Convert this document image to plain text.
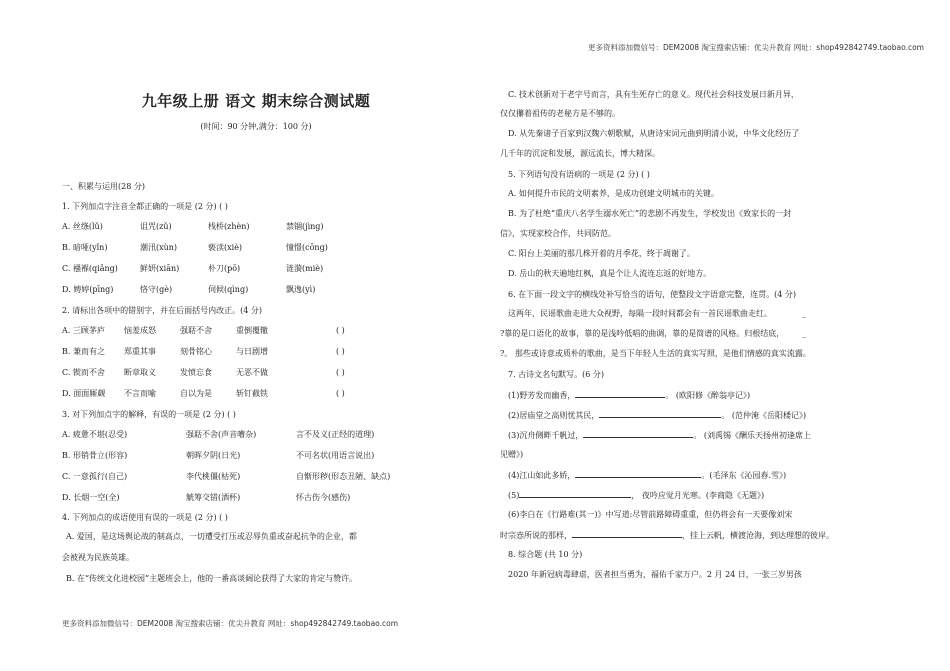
更多资料添加微信号：DEM2008 淘宝搜索店铺：优尖升教育 网址：shop492842749.taobao.com
九年级上册 语文 期末综合测试题
(时间：90 分钟,满分：100 分)
一、积累与运用(28 分)
1. 下列加点字注音全都正确的一项是 (2 分) ( )
A. 丝绦(lǔ)	诅咒(zǔ)	栈桥(zhèn)	禁锢(jìng)
B. 暗哑(yǐn)	潮汛(xùn)	亵渎(xiè)	憧憬(cōng)
C. 襁褓(qiǎng)	鲜妍(xiān)	朴刀(pō)	涟漪(miè)
D. 娉婷(pīng)	恪守(gè)	伺候(qìng)	飘逸(yì)
2. 请标出各项中的错别字，并在后面括号内改正。(4 分)
A. 三顾茅庐 恼羞成怒	强聒不舍	重倒覆辙	( )
B. 兼而有之 郑重其事	刻骨铭心	与日剧增	( )
C. 锲而不舍 断章取义	发愤忘食	无恶不做	( )
D. 面面厮觑 不言而喻	自以为是	斩钉截铁	( )
3. 对下列加点字的解释，有误的一项是 (2 分) ( )
A. 疲惫不堪(忍受)	强聒不舍(声音嘈杂)	言不及义(正经的道理)
B. 形销骨立(形容)	朝晖夕阴(日光)	不可名状(用语言说出)
C. 一意孤行(自己)	李代桃僵(枯死)	自惭形秽(形态丑陋、缺点)
D. 长烟一空(全)	觥筹交错(酒杯)	怀古伤今(感伤)
4. 下列加点的成语使用有误的一项是 (2 分) ( )
A. 爱国，是这场舆论战的制高点，一切遭受打压或忍辱负重或奋起抗争的企业，都
会被视为民族英雄。
B. 在“传统文化进校园”主题班会上，他的一番高谈阔论获得了大家的肯定与赞许。
更多资料添加微信号：DEM2008 淘宝搜索店铺：优尖升教育 网址：shop492842749.taobao.com
C. 技术创新对于老字号而言，具有生死存亡的意义。现代社会科技发展日新月异，
仅仅攥着祖传的老秘方是不够的。
D. 从先秦诸子百家到汉魏六朝歌赋，从唐诗宋词元曲到明清小说，中华文化经历了
几千年的沉淀和发展，源远流长，博大精深。
5. 下列语句没有语病的一项是 (2 分) ( )
A. 如何提升市民的文明素养，是成功创建文明城市的关键。
B. 为了杜绝“重庆八名学生溺水死亡”的悲剧不再发生，学校发出《致家长的一封
信》，实现家校合作，共同防范。
C. 阳台上美丽的那几株开着的月季花，终于凋谢了。
D. 岳山的秋天遍地红枫，真是个让人流连忘返的好地方。
6. 在下面一段文字的横线处补写恰当的语句，使整段文字语意完整，连贯。(4 分)
这两年，民谣歌曲走进大众视野，每隔一段时间都会有一首民谣歌曲走红。	_
?靠的是口语化的故事，靠的是浅吟低唱的曲调，靠的是简谱的风格。归根结底， _
?。 那些或诗意或质朴的歌曲，是当下年轻人生活的真实写照，是他们情感的真实流露。
7. 古诗文名句默写。(6 分)
(1)野芳发而幽香，	。 (欧阳修《醉翁亭记》)
(2)居庙堂之高则忧其民，	。 (范仲淹《岳阳楼记》)
(3)沉舟侧畔千帆过，	。 (刘禹锡《酬乐天扬州初逢席上
见赠》)
(4)江山如此多娇，	。(毛泽东《沁园春.雪》)
(5)	， 夜吟应觉月光寒。(李商隐《无题》)
(6)李白在《行路难(其一)》中写道:尽管前路障碍重重，但仍将会有一天要像刘宋
时宗悫所说的那样，	，挂上云帆，横渡沧海，到达理想的彼岸。
8. 综合题 (共 10 分)
2020 年新冠病毒肆虐，医者担当勇为，福佑千家万户。2 月 24 日，一张三岁男孩
